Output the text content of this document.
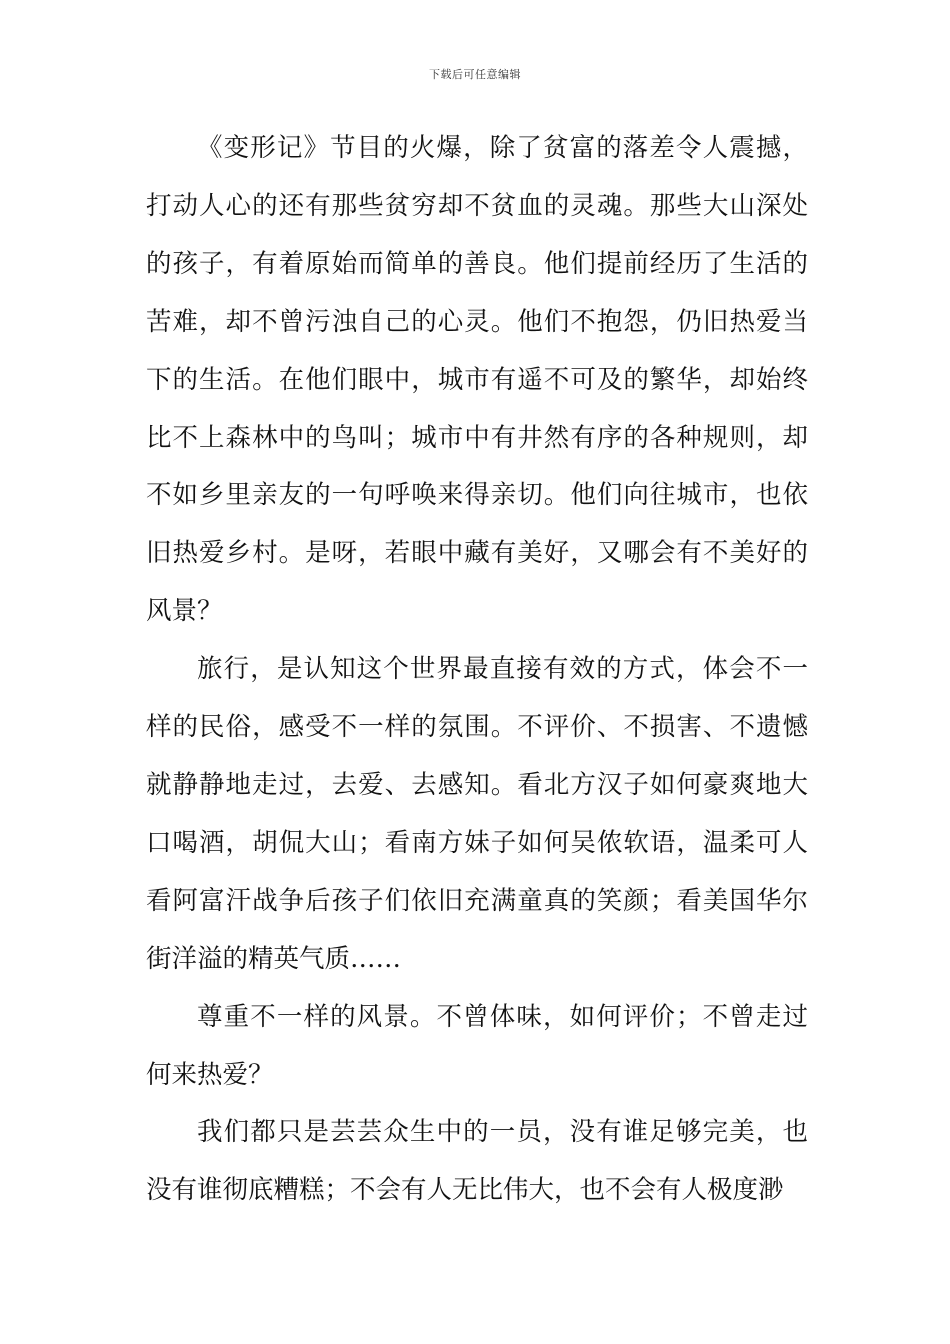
下载后可任意编辑

《变形记》节目的火爆，除了贫富的落差令人震撼，打动人心的还有那些贫穷却不贫血的灵魂。那些大山深处的孩子，有着原始而简单的善良。他们提前经历了生活的苦难，却不曾污浊自己的心灵。他们不抱怨，仍旧热爱当下的生活。在他们眼中，城市有遥不可及的繁华，却始终比不上森林中的鸟叫；城市中有井然有序的各种规则，却不如乡里亲友的一句呼唤来得亲切。他们向往城市，也依旧热爱乡村。是呀，若眼中藏有美好，又哪会有不美好的风景？

旅行，是认知这个世界最直接有效的方式，体会不一样的民俗，感受不一样的氛围。不评价、不损害、不遗憾就静静地走过，去爱、去感知。看北方汉子如何豪爽地大口喝酒，胡侃大山；看南方妹子如何吴侬软语，温柔可人看阿富汗战争后孩子们依旧充满童真的笑颜；看美国华尔街洋溢的精英气质……

尊重不一样的风景。不曾体味，如何评价；不曾走过何来热爱？

我们都只是芸芸众生中的一员，没有谁足够完美，也没有谁彻底糟糕；不会有人无比伟大，也不会有人极度渺
